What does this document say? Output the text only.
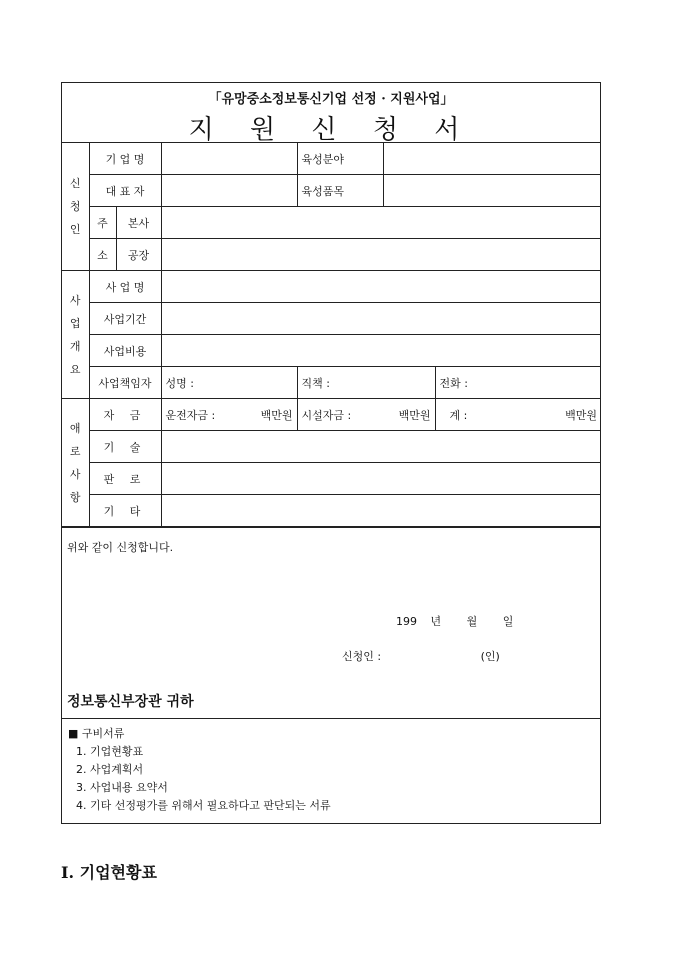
「유망중소정보통신기업 선정 · 지원사업」
지 원 신 청 서
신
청
인	기 업 명			육성분야		
	대 표 자			육성품목		
	주	본사				
	소	공장				

사
업
개
요	사 업 명					
	사업기간					
	사업비용					
	사업책임자		성명 :	직책 :		전화 :

애
로
사
항	자 금		운전자금 : 백만원	시설자금 : 백만원		계 : 백만원

	기 술					
	판 로					
	기 타					
위와 같이 신청합니다.
199 년 월 일
신청인 :	(인)
정보통신부장관 귀하
■ 구비서류
1. 기업현황표
2. 사업계획서
3. 사업내용 요약서
4. 기타 선정평가를 위해서 필요하다고 판단되는 서류
I. 기업현황표
